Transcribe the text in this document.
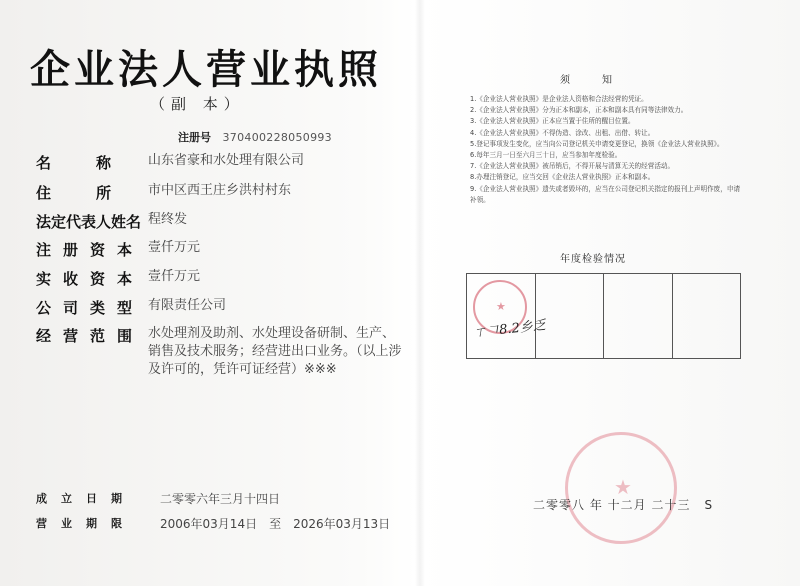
企业法人营业执照
（副 本）
注册号 370400228050993
名　　　称	山东省豪和水处理有限公司
住　　　所	市中区西王庄乡洪村村东
法定代表人姓名 程终发
注册资本 壹仟万元
实收资本 壹仟万元
公司类型 有限责任公司
经营范围 水处理剂及助剂、水处理设备研制、生产、销售及技术服务；经营进出口业务。（以上涉及许可的，凭许可证经营）※※※
成立日期 二零零六年三月十四日
营业期限 2006年03月14日　至　2026年03月13日
须知
1.《企业法人营业执照》是企业法人资格和合法经营的凭证。
2.《企业法人营业执照》分为正本和副本，正本和副本具有同等法律效力。
3.《企业法人营业执照》正本应当置于住所的醒目位置。
4.《企业法人营业执照》不得伪造、涂改、出租、出借、转让。
5.登记事项发生变化，应当向公司登记机关申请变更登记，换领《企业法人营业执照》。
6.每年三月一日至六月三十日，应当参加年度检验。
7.《企业法人营业执照》被吊销后，不得开展与清算无关的经营活动。
8.办理注销登记，应当交回《企业法人营业执照》正本和副本。
9.《企业法人营业执照》遗失或者毁坏的，应当在公司登记机关指定的报刊上声明作废，申请补领。
年度检验情况
★
ㄒ𠃍8.2乡乏
★
二零零八 年 十二月 二十三 S
